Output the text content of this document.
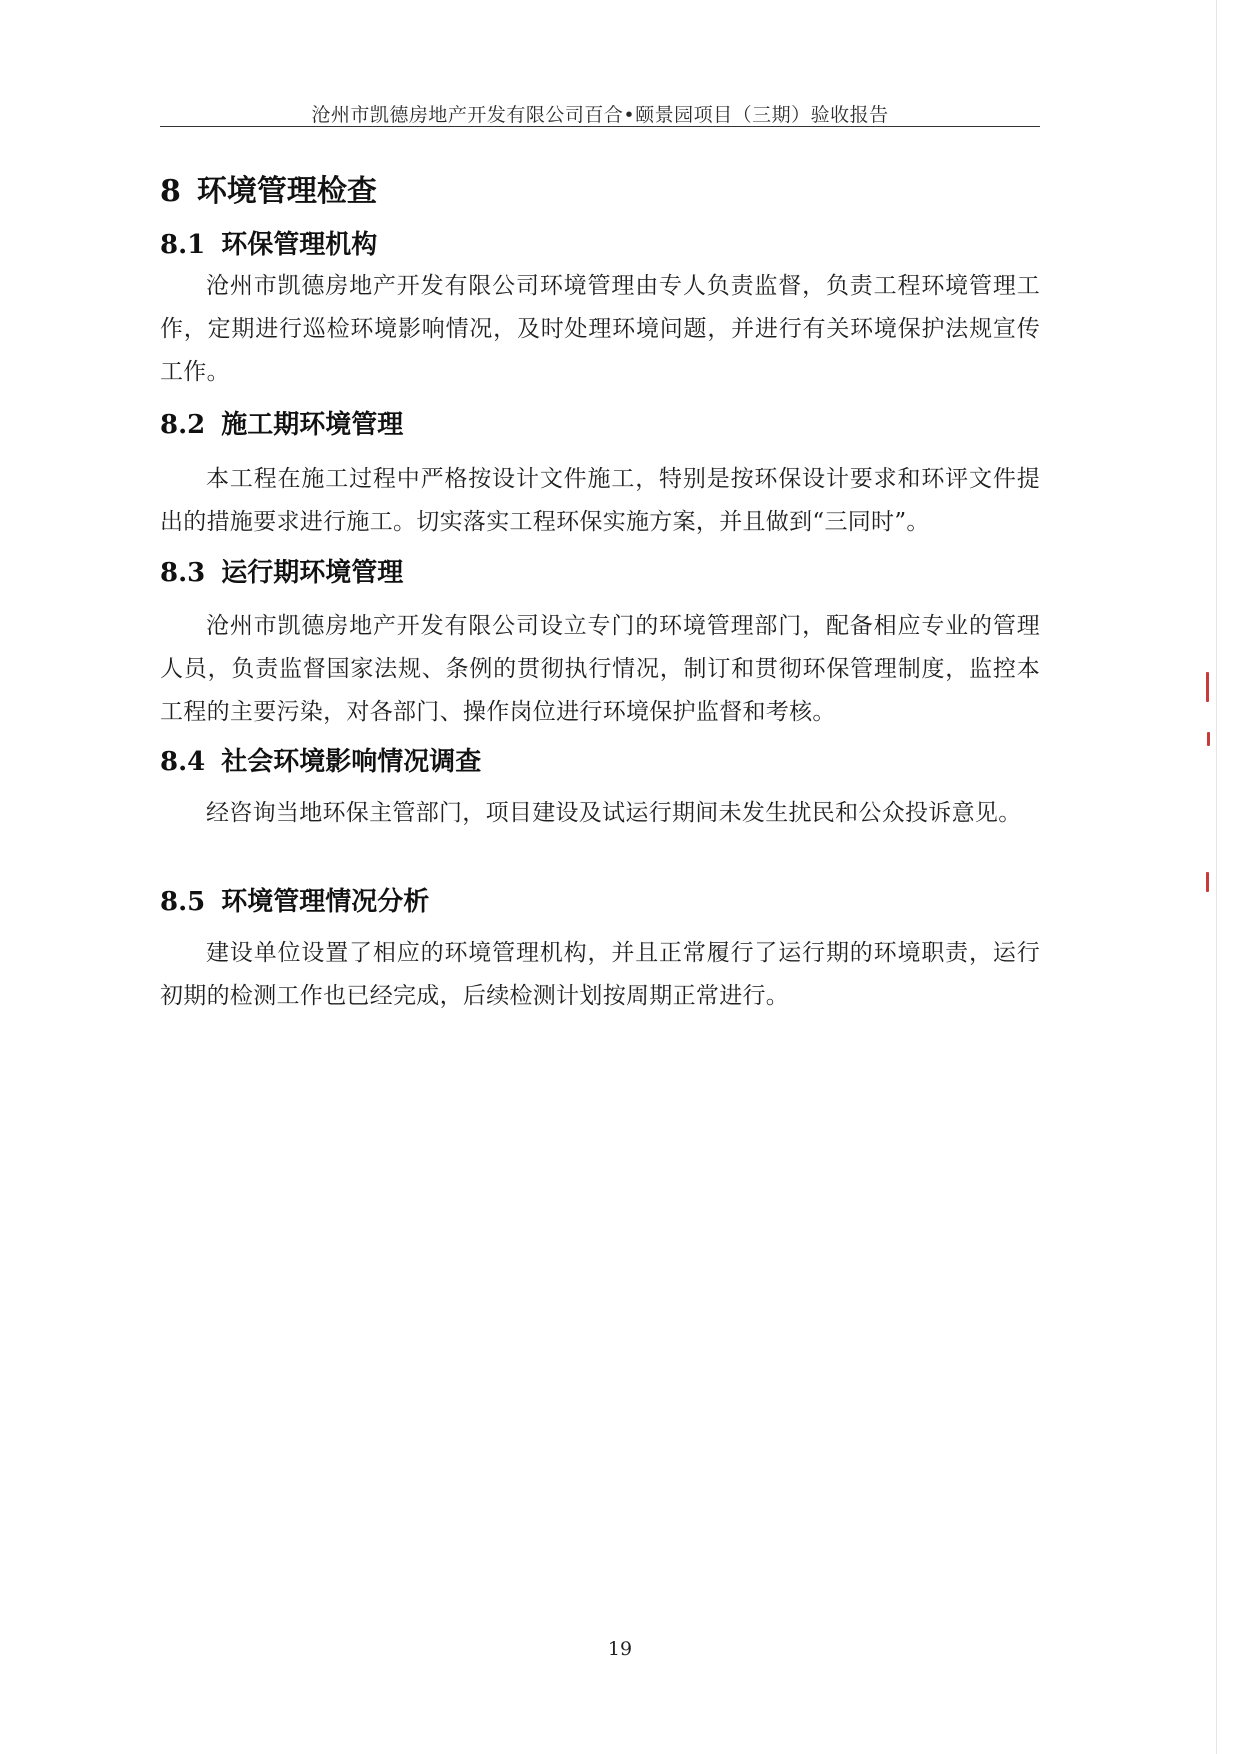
沧州市凯德房地产开发有限公司百合•颐景园项目（三期）验收报告
8 环境管理检查
8.1 环保管理机构
沧州市凯德房地产开发有限公司环境管理由专人负责监督，负责工程环境管理工作，定期进行巡检环境影响情况，及时处理环境问题，并进行有关环境保护法规宣传工作。
8.2 施工期环境管理
本工程在施工过程中严格按设计文件施工，特别是按环保设计要求和环评文件提出的措施要求进行施工。切实落实工程环保实施方案，并且做到“三同时”。
8.3 运行期环境管理
沧州市凯德房地产开发有限公司设立专门的环境管理部门，配备相应专业的管理人员，负责监督国家法规、条例的贯彻执行情况，制订和贯彻环保管理制度，监控本工程的主要污染，对各部门、操作岗位进行环境保护监督和考核。
8.4 社会环境影响情况调查
经咨询当地环保主管部门，项目建设及试运行期间未发生扰民和公众投诉意见。
8.5 环境管理情况分析
建设单位设置了相应的环境管理机构，并且正常履行了运行期的环境职责，运行初期的检测工作也已经完成，后续检测计划按周期正常进行。
19
